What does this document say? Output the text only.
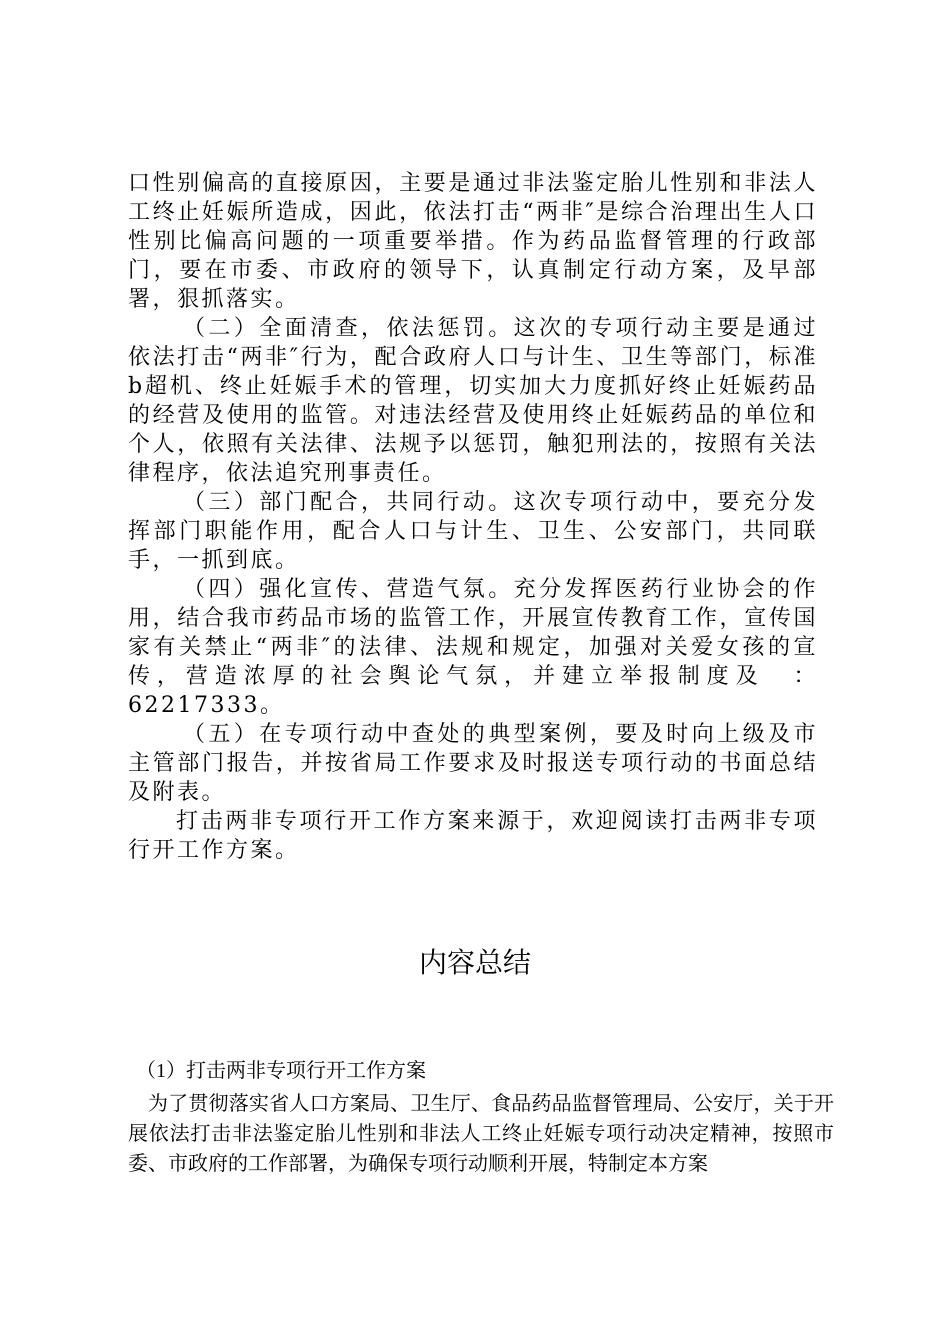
口性别偏高的直接原因，主要是通过非法鉴定胎儿性别和非法人工终止妊娠所造成，因此，依法打击“两非″是综合治理出生人口性别比偏高问题的一项重要举措。作为药品监督管理的行政部门，要在市委、市政府的领导下，认真制定行动方案，及早部署，狠抓落实。

（二）全面清查，依法惩罚。这次的专项行动主要是通过依法打击“两非″行为，配合政府人口与计生、卫生等部门，标准b超机、终止妊娠手术的管理，切实加大力度抓好终止妊娠药品的经营及使用的监管。对违法经营及使用终止妊娠药品的单位和个人，依照有关法律、法规予以惩罚，触犯刑法的，按照有关法律程序，依法追究刑事责任。

（三）部门配合，共同行动。这次专项行动中，要充分发挥部门职能作用，配合人口与计生、卫生、公安部门，共同联手，一抓到底。

（四）强化宣传、营造气氛。充分发挥医药行业协会的作用，结合我市药品市场的监管工作，开展宣传教育工作，宣传国家有关禁止“两非″的法律、法规和规定，加强对关爱女孩的宣传，营造浓厚的社会舆论气氛，并建立举报制度及　：62217333。

（五）在专项行动中查处的典型案例，要及时向上级及市主管部门报告，并按省局工作要求及时报送专项行动的书面总结及附表。

打击两非专项行开工作方案来源于，欢迎阅读打击两非专项行开工作方案。

内容总结

（1）打击两非专项行开工作方案

为了贯彻落实省人口方案局、卫生厅、食品药品监督管理局、公安厅，关于开展依法打击非法鉴定胎儿性别和非法人工终止妊娠专项行动决定精神，按照市委、市政府的工作部署，为确保专项行动顺利开展，特制定本方案
